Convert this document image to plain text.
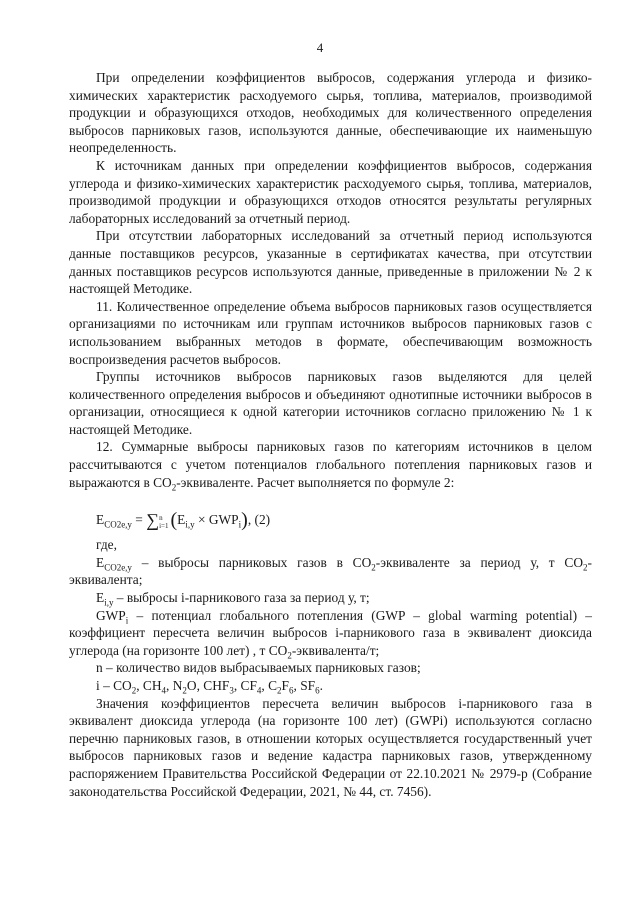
4

При определении коэффициентов выбросов, содержания углерода и физико-химических характеристик расходуемого сырья, топлива, материалов, производимой продукции и образующихся отходов, необходимых для количественного определения выбросов парниковых газов, используются данные, обеспечивающие их наименьшую неопределенность.

К источникам данных при определении коэффициентов выбросов, содержания углерода и физико-химических характеристик расходуемого сырья, топлива, материалов, производимой продукции и образующихся отходов относятся результаты регулярных лабораторных исследований за отчетный период.

При отсутствии лабораторных исследований за отчетный период используются данные поставщиков ресурсов, указанные в сертификатах качества, при отсутствии данных поставщиков ресурсов используются данные, приведенные в приложении № 2 к настоящей Методике.

11. Количественное определение объема выбросов парниковых газов осуществляется организациями по источникам или группам источников выбросов парниковых газов с использованием выбранных методов в формате, обеспечивающим возможность воспроизведения расчетов выбросов.

Группы источников выбросов парниковых газов выделяются для целей количественного определения выбросов и объединяют однотипные источники выбросов в организации, относящиеся к одной категории источников согласно приложению № 1 к настоящей Методике.

12. Суммарные выбросы парниковых газов по категориям источников в целом рассчитываются с учетом потенциалов глобального потепления парниковых газов и выражаются в $CO_2$-эквиваленте. Расчет выполняется по формуле 2:

$E_{CO2e,y} = \sum n$
i=1 $(E_{i,y} \times GWP_i)$, (2)

где,

$E_{CO2e,y}$ – выбросы парниковых газов в $CO_2$-эквиваленте за период у, т $CO_2$-эквивалента;

$E_{i,y}$ – выбросы i-парникового газа за период у, т;

$GWP_i$ – потенциал глобального потепления (GWP – global warming potential) – коэффициент пересчета величин выбросов i-парникового газа в эквивалент диоксида углерода (на горизонте 100 лет) , т $CO_2-эквивалента/т$;

n – количество видов выбрасываемых парниковых газов;

i – $CO_2$, $CH_4$, $N_2O$, $CHF_3$, $CF_4$, $C_2F_6$, $SF_6$.

Значения коэффициентов пересчета величин выбросов i-парникового газа в эквивалент диоксида углерода (на горизонте 100 лет) (GWPi) используются согласно перечню парниковых газов, в отношении которых осуществляется государственный учет выбросов парниковых газов и ведение кадастра парниковых газов, утвержденному распоряжением Правительства Российской Федерации от 22.10.2021 № 2979-р (Собрание законодательства Российской Федерации, 2021, № 44, ст. 7456).
